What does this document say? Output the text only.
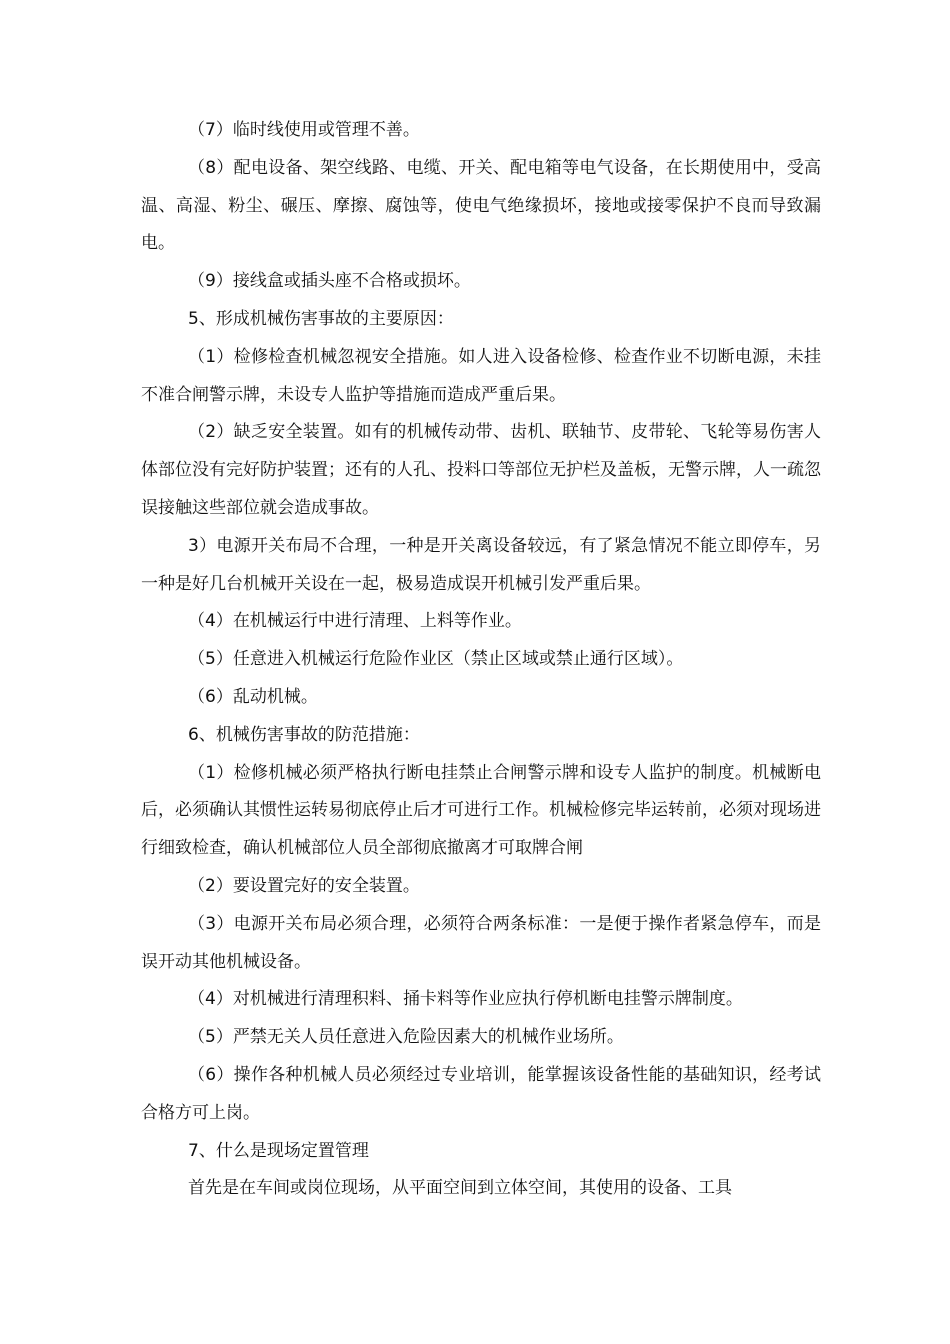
（7）临时线使用或管理不善。

（8）配电设备、架空线路、电缆、开关、配电箱等电气设备，在长期使用中，受高温、高湿、粉尘、碾压、摩擦、腐蚀等，使电气绝缘损坏，接地或接零保护不良而导致漏电。

（9）接线盒或插头座不合格或损坏。

5、形成机械伤害事故的主要原因：

（1）检修检查机械忽视安全措施。如人进入设备检修、检查作业不切断电源，未挂不准合闸警示牌，未设专人监护等措施而造成严重后果。

（2）缺乏安全装置。如有的机械传动带、齿机、联轴节、皮带轮、飞轮等易伤害人体部位没有完好防护装置；还有的人孔、投料口等部位无护栏及盖板，无警示牌，人一疏忽误接触这些部位就会造成事故。

3）电源开关布局不合理，一种是开关离设备较远，有了紧急情况不能立即停车，另一种是好几台机械开关设在一起，极易造成误开机械引发严重后果。

（4）在机械运行中进行清理、上料等作业。

（5）任意进入机械运行危险作业区（禁止区域或禁止通行区域）。

（6）乱动机械。

6、机械伤害事故的防范措施：

（1）检修机械必须严格执行断电挂禁止合闸警示牌和设专人监护的制度。机械断电后，必须确认其惯性运转易彻底停止后才可进行工作。机械检修完毕运转前，必须对现场进行细致检查，确认机械部位人员全部彻底撤离才可取牌合闸

（2）要设置完好的安全装置。

（3）电源开关布局必须合理，必须符合两条标准：一是便于操作者紧急停车，而是误开动其他机械设备。

（4）对机械进行清理积料、捅卡料等作业应执行停机断电挂警示牌制度。

（5）严禁无关人员任意进入危险因素大的机械作业场所。

（6）操作各种机械人员必须经过专业培训，能掌握该设备性能的基础知识，经考试合格方可上岗。

7、什么是现场定置管理

首先是在车间或岗位现场，从平面空间到立体空间，其使用的设备、工具
